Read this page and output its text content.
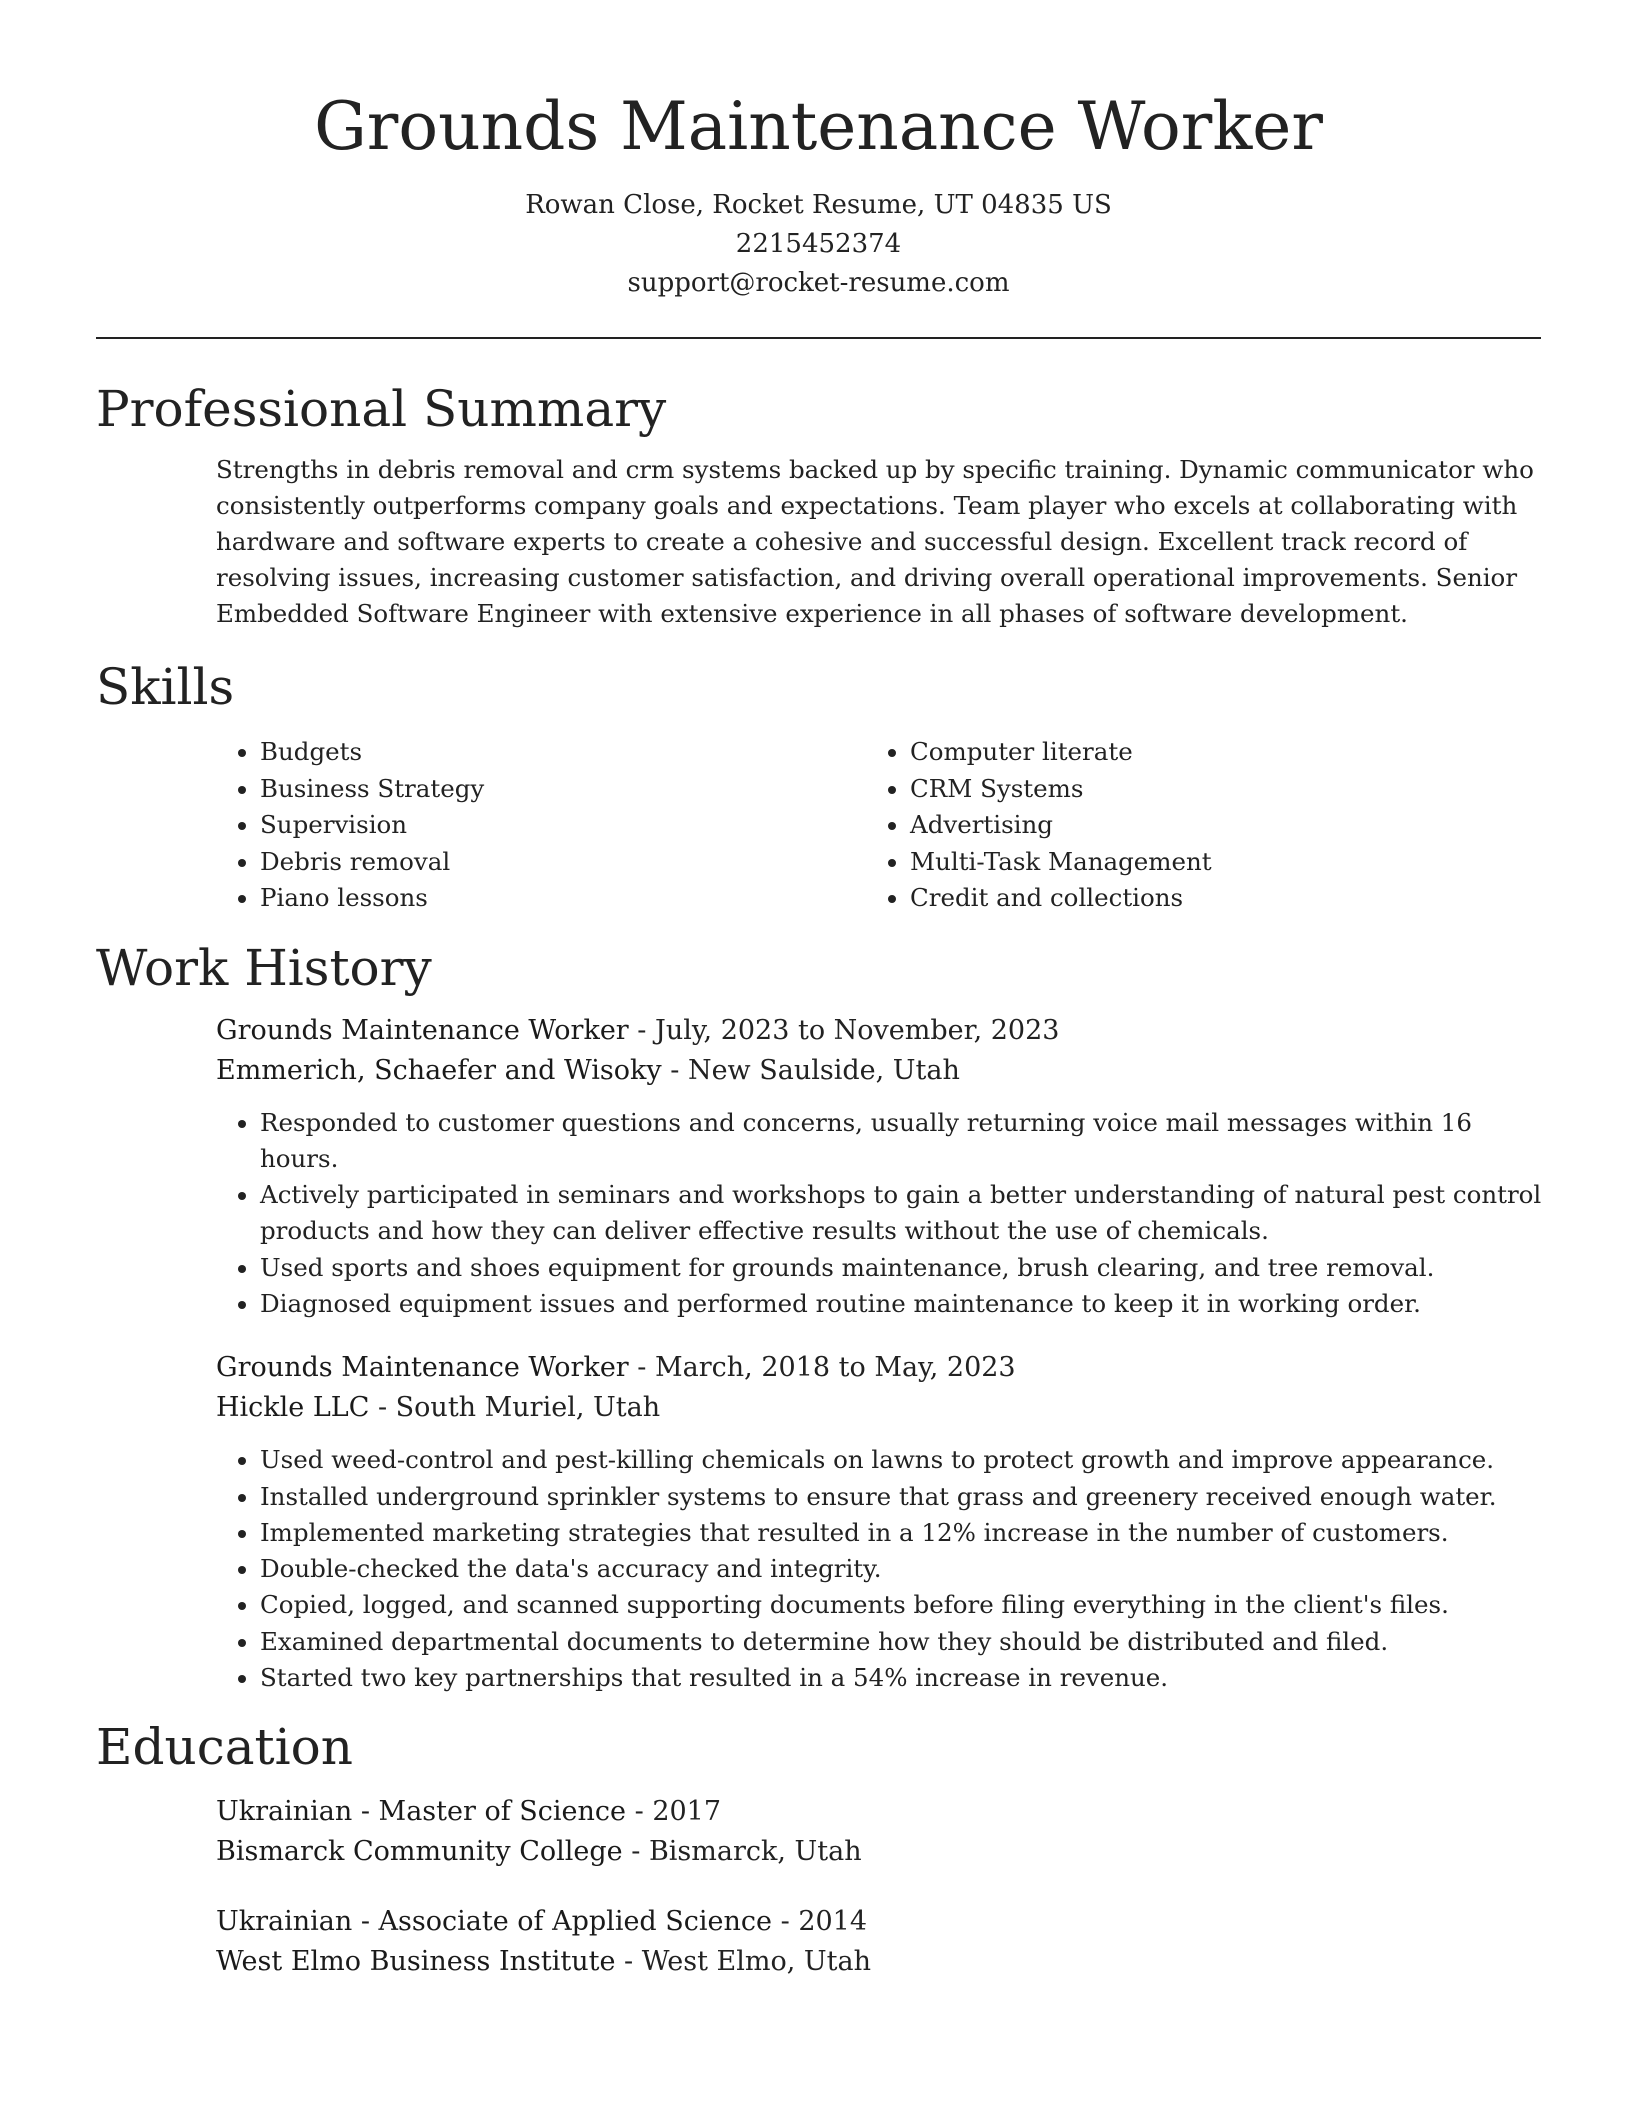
Grounds Maintenance Worker
Rowan Close, Rocket Resume, UT 04835 US
2215452374
support@rocket-resume.com
Professional Summary

Strengths in debris removal and crm systems backed up by specific training. Dynamic communicator who consistently outperforms company goals and expectations. Team player who excels at collaborating with hardware and software experts to create a cohesive and successful design. Excellent track record of resolving issues, increasing customer satisfaction, and driving overall operational improvements. Senior Embedded Software Engineer with extensive experience in all phases of software development.

Skills
• Budgets
• Business Strategy
• Supervision
• Debris removal
• Piano lessons
• Computer literate
• CRM Systems
• Advertising
• Multi-Task Management
• Credit and collections
Work History
Grounds Maintenance Worker - July, 2023 to November, 2023
Emmerich, Schaefer and Wisoky - New Saulside, Utah
• Responded to customer questions and concerns, usually returning voice mail messages within 16 hours.
• Actively participated in seminars and workshops to gain a better understanding of natural pest control products and how they can deliver effective results without the use of chemicals.
• Used sports and shoes equipment for grounds maintenance, brush clearing, and tree removal.
• Diagnosed equipment issues and performed routine maintenance to keep it in working order.
Grounds Maintenance Worker - March, 2018 to May, 2023
Hickle LLC - South Muriel, Utah
• Used weed-control and pest-killing chemicals on lawns to protect growth and improve appearance.
• Installed underground sprinkler systems to ensure that grass and greenery received enough water.
• Implemented marketing strategies that resulted in a 12% increase in the number of customers.
• Double-checked the data's accuracy and integrity.
• Copied, logged, and scanned supporting documents before filing everything in the client's files.
• Examined departmental documents to determine how they should be distributed and filed.
• Started two key partnerships that resulted in a 54% increase in revenue.
Education
Ukrainian - Master of Science - 2017
Bismarck Community College - Bismarck, Utah
Ukrainian - Associate of Applied Science - 2014
West Elmo Business Institute - West Elmo, Utah
